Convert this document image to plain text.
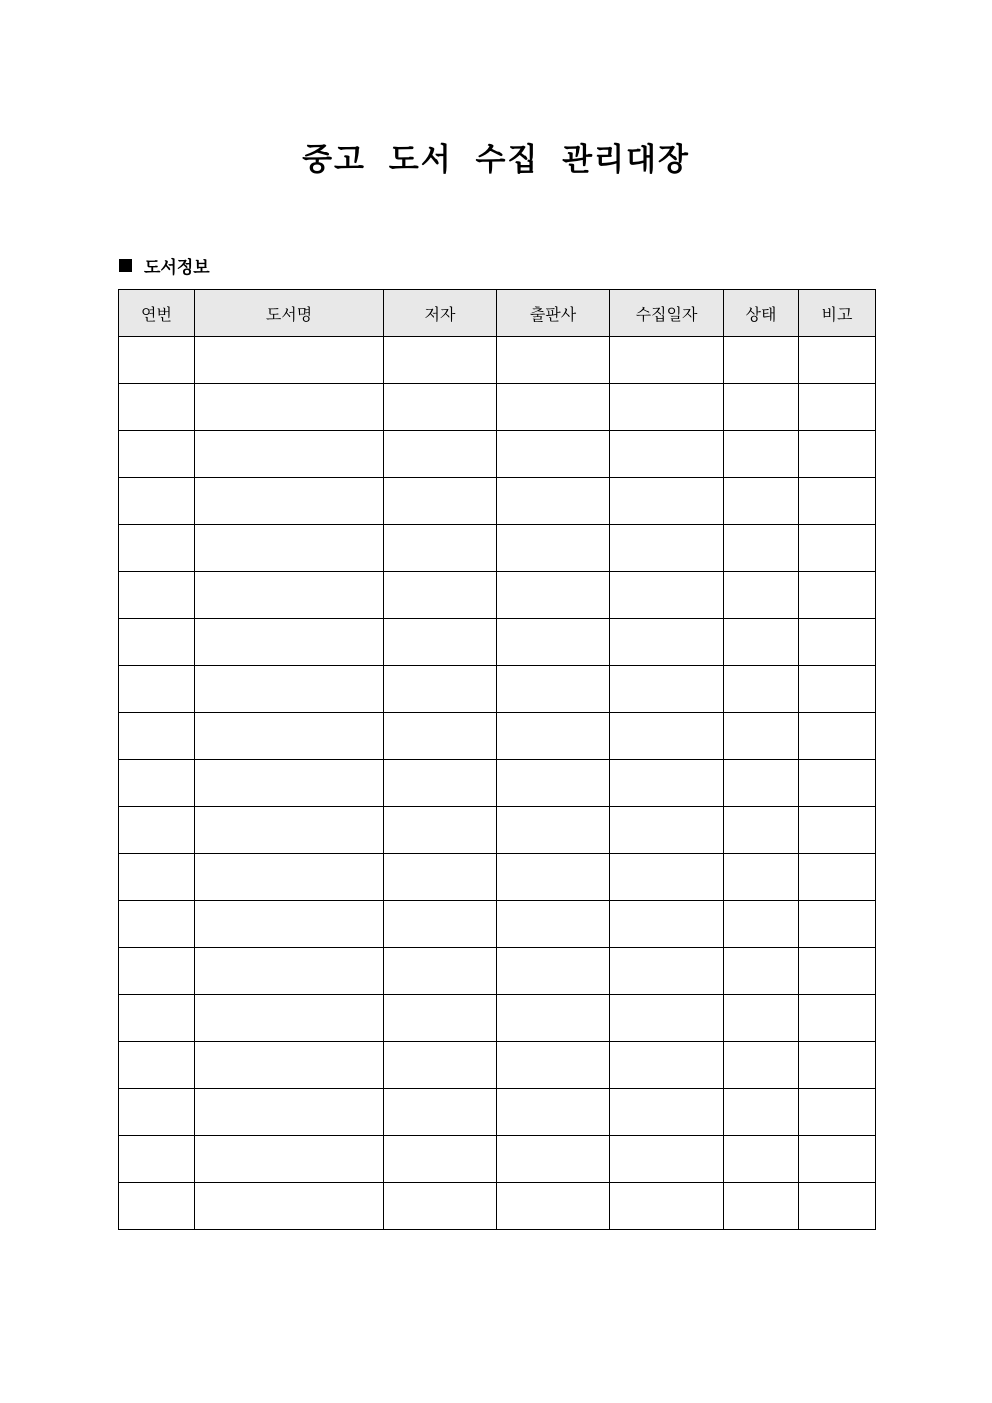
중고 도서 수집 관리대장
도서정보
연번	도서명	저자	출판사	수집일자	상태	비고
